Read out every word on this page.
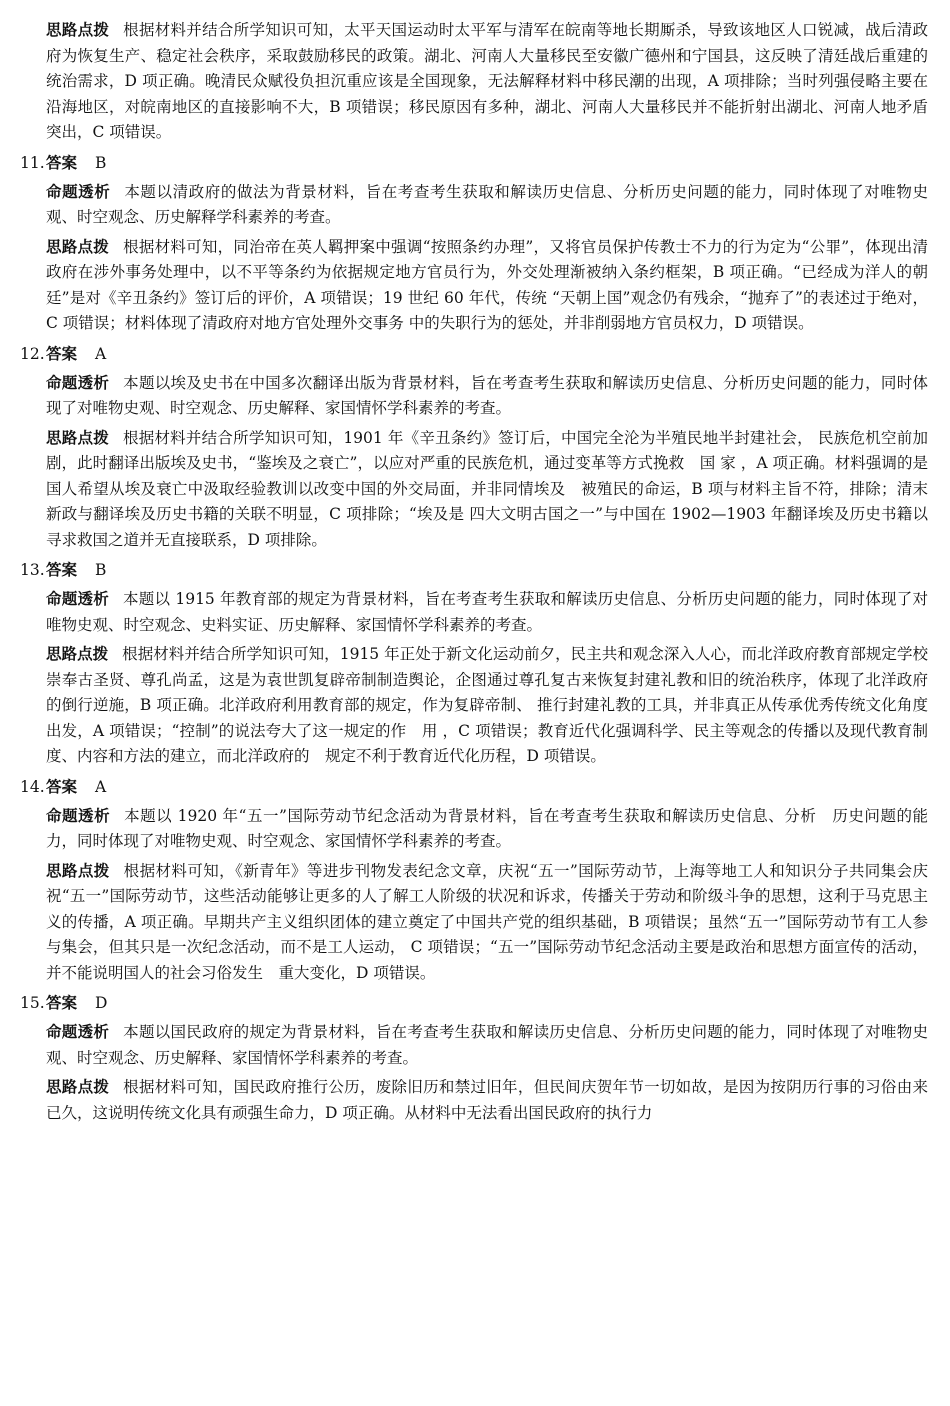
思路点拨 根据材料并结合所学知识可知，太平天国运动时太平军与清军在皖南等地长期厮杀，导致该地区人口锐减，战后清政府为恢复生产、稳定社会秩序，采取鼓励移民的政策。湖北、河南人大量移民至安徽广德州和宁国县，这反映了清廷战后重建的统治需求，D 项正确。晚清民众赋役负担沉重应该是全国现象，无法解释材料中移民潮的出现，A 项排除；当时列强侵略主要在沿海地区，对皖南地区的直接影响不大，B 项错误；移民原因有多种，湖北、河南人大量移民并不能折射出湖北、河南人地矛盾突出，C 项错误。

11.答案 B

命题透析 本题以清政府的做法为背景材料，旨在考查考生获取和解读历史信息、分析历史问题的能力，同时体现了对唯物史观、时空观念、历史解释学科素养的考查。

思路点拨 根据材料可知，同治帝在英人羁押案中强调“按照条约办理”，又将官员保护传教士不力的行为定为“公罪”，体现出清政府在涉外事务处理中，以不平等条约为依据规定地方官员行为，外交处理渐被纳入条约框架，B 项正确。“已经成为洋人的朝廷”是对《辛丑条约》签订后的评价，A 项错误；19 世纪 60 年代，传统 “天朝上国”观念仍有残余，“抛弃了”的表述过于绝对，C 项错误；材料体现了清政府对地方官处理外交事务 中的失职行为的惩处，并非削弱地方官员权力，D 项错误。

12.答案 A

命题透析 本题以埃及史书在中国多次翻译出版为背景材料，旨在考查考生获取和解读历史信息、分析历史问题的能力，同时体现了对唯物史观、时空观念、历史解释、家国情怀学科素养的考查。

思路点拨 根据材料并结合所学知识可知，1901 年《辛丑条约》签订后，中国完全沦为半殖民地半封建社会， 民族危机空前加剧，此时翻译出版埃及史书，“鉴埃及之衰亡”，以应对严重的民族危机，通过变革等方式挽救　国 家 ，A 项正确。材料强调的是国人希望从埃及衰亡中汲取经验教训以改变中国的外交局面，并非同情埃及　被殖民的命运，B 项与材料主旨不符，排除；清末新政与翻译埃及历史书籍的关联不明显，C 项排除；“埃及是 四大文明古国之一”与中国在 1902—1903 年翻译埃及历史书籍以寻求救国之道并无直接联系，D 项排除。

13.答案 B

命题透析 本题以 1915 年教育部的规定为背景材料，旨在考查考生获取和解读历史信息、分析历史问题的能力，同时体现了对唯物史观、时空观念、史料实证、历史解释、家国情怀学科素养的考查。

思路点拨 根据材料并结合所学知识可知，1915 年正处于新文化运动前夕，民主共和观念深入人心，而北洋政府教育部规定学校崇奉古圣贤、尊孔尚孟，这是为袁世凯复辟帝制制造舆论，企图通过尊孔复古来恢复封建礼教和旧的统治秩序，体现了北洋政府的倒行逆施，B 项正确。北洋政府利用教育部的规定，作为复辟帝制、 推行封建礼教的工具，并非真正从传承优秀传统文化角度出发，A 项错误；“控制”的说法夸大了这一规定的作　用 ，C 项错误；教育近代化强调科学、民主等观念的传播以及现代教育制度、内容和方法的建立，而北洋政府的　规定不利于教育近代化历程，D 项错误。

14.答案 A

命题透析 本题以 1920 年“五一”国际劳动节纪念活动为背景材料，旨在考查考生获取和解读历史信息、分析　历史问题的能力，同时体现了对唯物史观、时空观念、家国情怀学科素养的考查。

思路点拨 根据材料可知，《新青年》等进步刊物发表纪念文章，庆祝“五一”国际劳动节，上海等地工人和知识分子共同集会庆祝“五一”国际劳动节，这些活动能够让更多的人了解工人阶级的状况和诉求，传播关于劳动和阶级斗争的思想，这利于马克思主义的传播，A 项正确。早期共产主义组织团体的建立奠定了中国共产党的组织基础，B 项错误；虽然“五一”国际劳动节有工人参与集会，但其只是一次纪念活动，而不是工人运动， C 项错误；“五一”国际劳动节纪念活动主要是政治和思想方面宣传的活动，并不能说明国人的社会习俗发生　重大变化，D 项错误。

15.答案 D

命题透析 本题以国民政府的规定为背景材料，旨在考查考生获取和解读历史信息、分析历史问题的能力，同时体现了对唯物史观、时空观念、历史解释、家国情怀学科素养的考查。

思路点拨 根据材料可知，国民政府推行公历，废除旧历和禁过旧年，但民间庆贺年节一切如故，是因为按阴历行事的习俗由来已久，这说明传统文化具有顽强生命力，D 项正确。从材料中无法看出国民政府的执行力
